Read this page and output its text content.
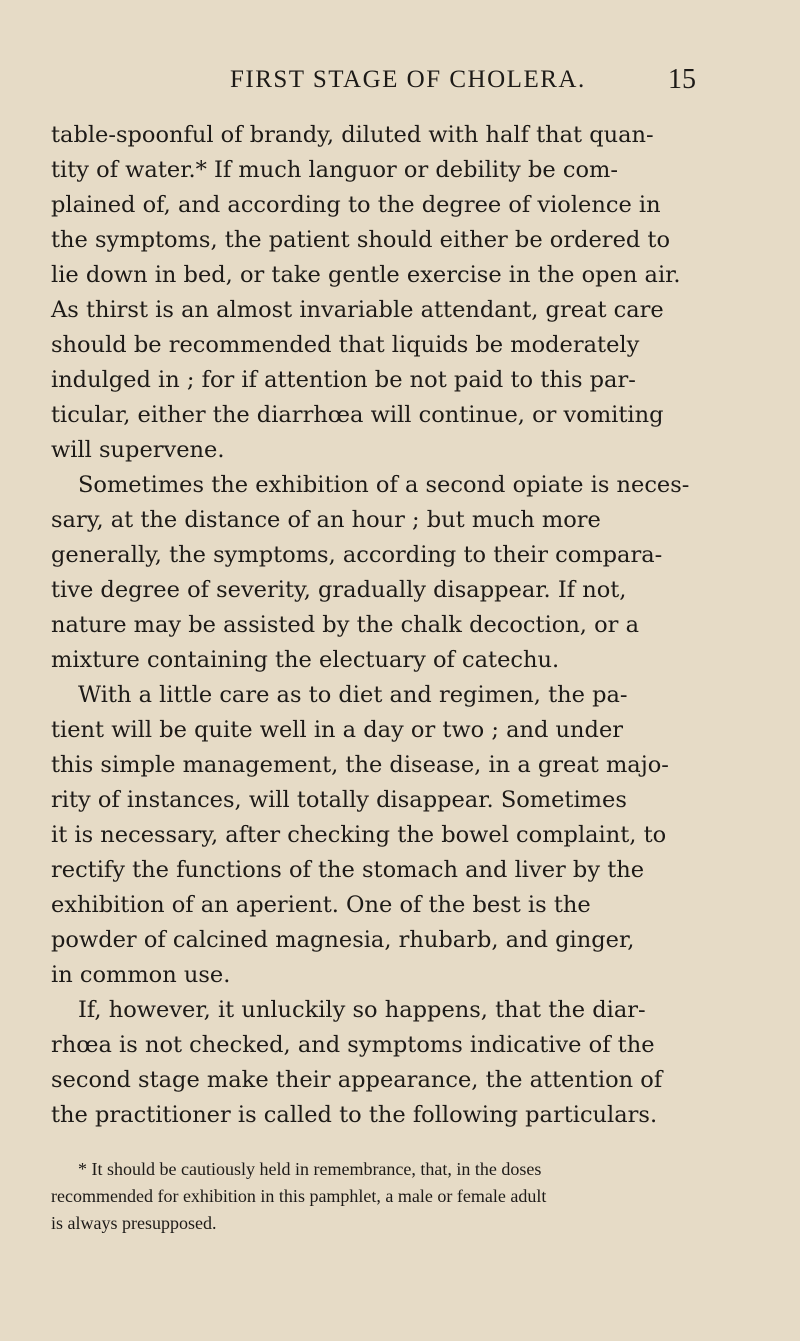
FIRST STAGE OF CHOLERA.	15
table-spoonful of brandy, diluted with half that quan-
tity of water.* If much languor or debility be com-
plained of, and according to the degree of violence in
the symptoms, the patient should either be ordered to
lie down in bed, or take gentle exercise in the open air.
As thirst is an almost invariable attendant, great care
should be recommended that liquids be moderately
indulged in ; for if attention be not paid to this par-
ticular, either the diarrhœa will continue, or vomiting
will supervene.
Sometimes the exhibition of a second opiate is neces-
sary, at the distance of an hour ; but much more
generally, the symptoms, according to their compara-
tive degree of severity, gradually disappear. If not,
nature may be assisted by the chalk decoction, or a
mixture containing the electuary of catechu.
With a little care as to diet and regimen, the pa-
tient will be quite well in a day or two ; and under
this simple management, the disease, in a great majo-
rity of instances, will totally disappear. Sometimes
it is necessary, after checking the bowel complaint, to
rectify the functions of the stomach and liver by the
exhibition of an aperient. One of the best is the
powder of calcined magnesia, rhubarb, and ginger,
in common use.
If, however, it unluckily so happens, that the diar-
rhœa is not checked, and symptoms indicative of the
second stage make their appearance, the attention of
the practitioner is called to the following particulars.
* It should be cautiously held in remembrance, that, in the doses
recommended for exhibition in this pamphlet, a male or female adult
is always presupposed.
